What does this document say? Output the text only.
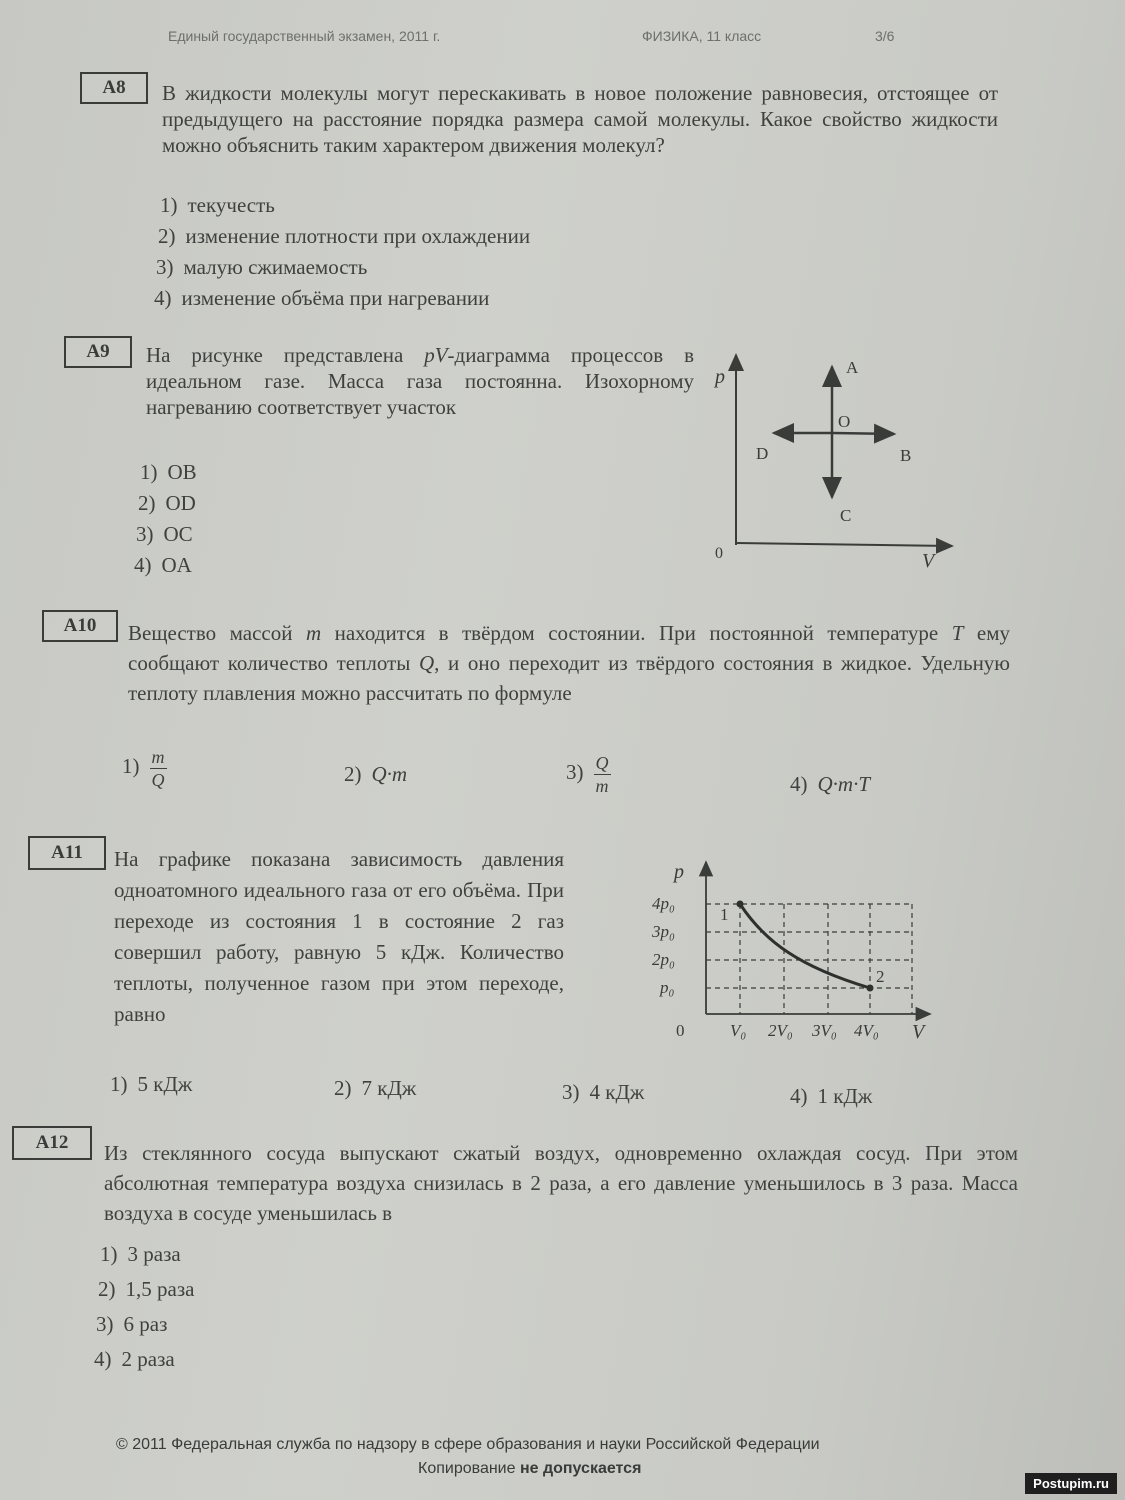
Единый государственный экзамен, 2011 г.	ФИЗИКА, 11 класс	3/6
A8	В жидкости молекулы могут перескакивать в новое положение равновесия, отстоящее от предыдущего на расстояние порядка размера самой молекулы. Какое свойство жидкости можно объяснить таким характером движения молекул?
1) текучесть
2) изменение плотности при охлаждении
3) малую сжимаемость
4) изменение объёма при нагревании
A9	На рисунке представлена pV-диаграмма процессов в идеальном газе. Масса газа постоянна. Изохорному нагреванию соответствует участок
1) OB
2) OD
3) OC
4) OA
p
V
0
A
B
C
D
O
A10	Вещество массой m находится в твёрдом состоянии. При постоянной температуре T ему сообщают количество теплоты Q, и оно переходит из твёрдого состояния в жидкое. Удельную теплоту плавления можно рассчитать по формуле
$1) \frac{m}{Q}$	2) Q·m	$3) \frac{Q}{m}$	4) Q·m·T
A11	На графике показана зависимость давления одноатомного идеального газа от его объёма. При переходе из состояния 1 в состояние 2 газ совершил работу, равную 5 кДж. Количество теплоты, полученное газом при этом переходе, равно
1) 5 кДж	2) 7 кДж	3) 4 кДж	4) 1 кДж
1
2
p
V
0
4p₀
3p₀
2p₀
p₀
V₀ 2V₀ 3V₀ 4V₀
A12	Из стеклянного сосуда выпускают сжатый воздух, одновременно охлаждая сосуд. При этом абсолютная температура воздуха снизилась в 2 раза, а его давление уменьшилось в 3 раза. Масса воздуха в сосуде уменьшилась в
1) 3 раза
2) 1,5 раза
3) 6 раз
4) 2 раза
© 2011 Федеральная служба по надзору в сфере образования и науки Российской Федерации
Копирование не допускается
Postupim.ru
